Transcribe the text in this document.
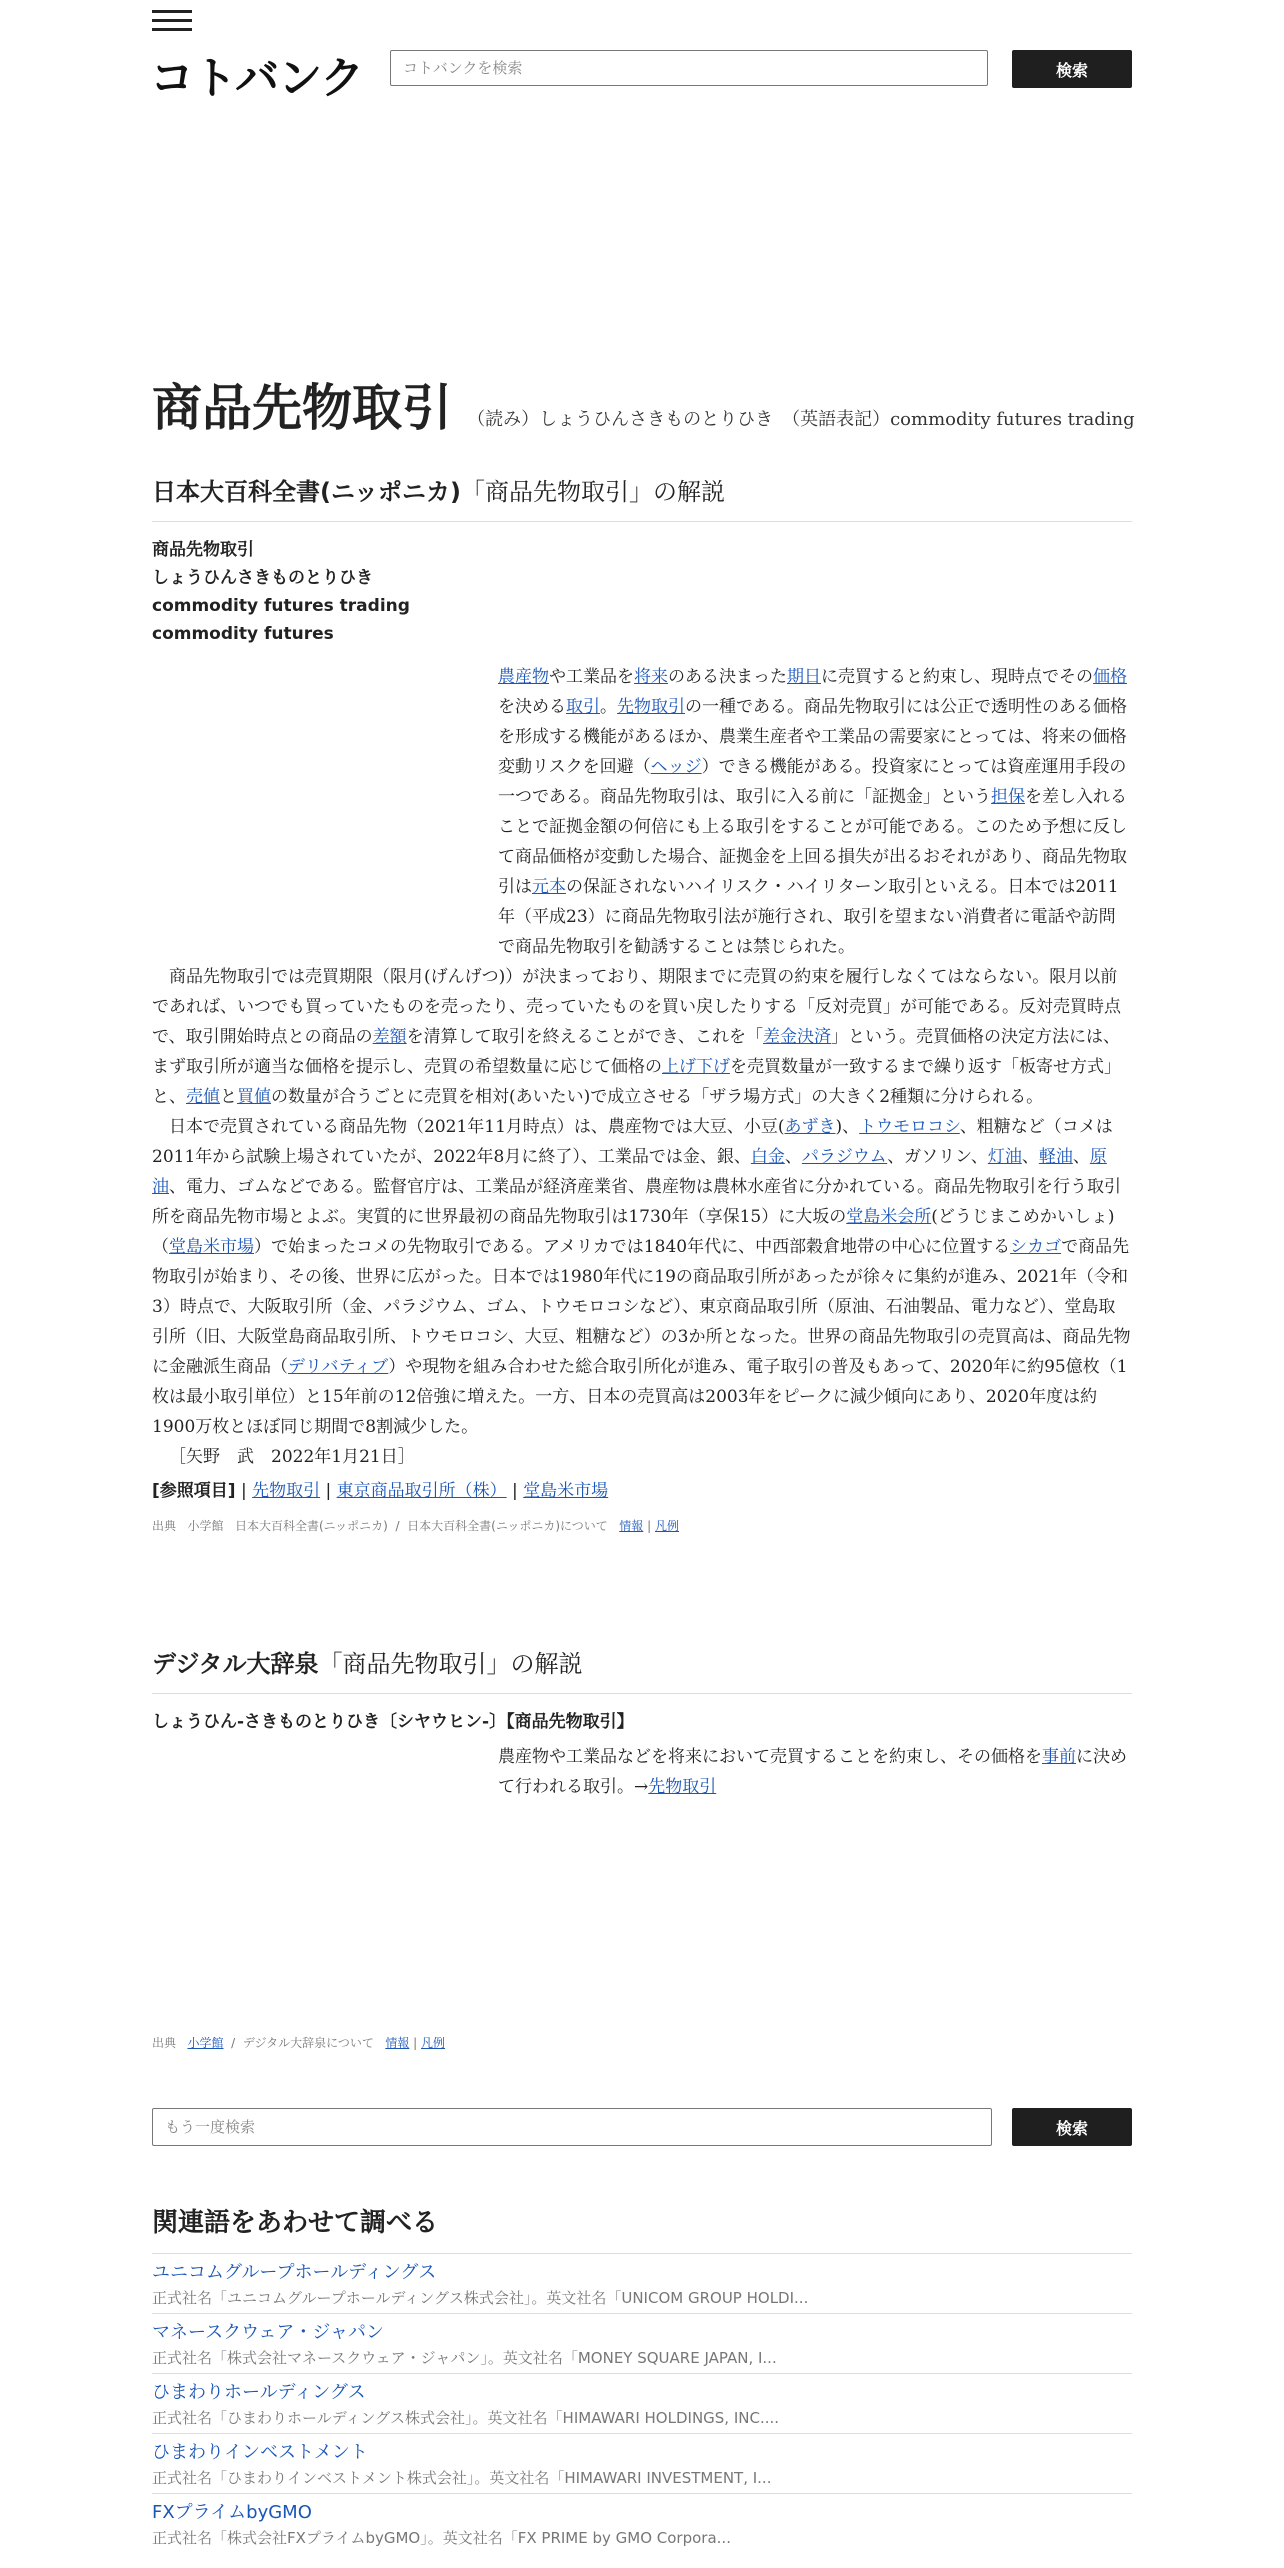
コトバンク
コトバンクを検索	検索
商品先物取引 （読み）しょうひんさきものとりひき　（英語表記）commodity futures trading
日本大百科全書(ニッポニカ)「商品先物取引」の解説
商品先物取引
しょうひんさきものとりひき
commodity futures trading
commodity futures

農産物や工業品を将来のある決まった期日に売買すると約束し、現時点でその価格を決める取引。先物取引の一種である。商品先物取引には公正で透明性のある価格を形成する機能があるほか、農業生産者や工業品の需要家にとっては、将来の価格変動リスクを回避（ヘッジ）できる機能がある。投資家にとっては資産運用手段の一つである。商品先物取引は、取引に入る前に「証拠金」という担保を差し入れることで証拠金額の何倍にも上る取引をすることが可能である。このため予想に反して商品価格が変動した場合、証拠金を上回る損失が出るおそれがあり、商品先物取引は元本の保証されないハイリスク・ハイリターン取引といえる。日本では2011年（平成23）に商品先物取引法が施行され、取引を望まない消費者に電話や訪問で商品先物取引を勧誘することは禁じられた。

商品先物取引では売買期限（限月(げんげつ)）が決まっており、期限までに売買の約束を履行しなくてはならない。限月以前であれば、いつでも買っていたものを売ったり、売っていたものを買い戻したりする「反対売買」が可能である。反対売買時点で、取引開始時点との商品の差額を清算して取引を終えることができ、これを「差金決済」という。売買価格の決定方法には、まず取引所が適当な価格を提示し、売買の希望数量に応じて価格の上げ下げを売買数量が一致するまで繰り返す「板寄せ方式」と、売値と買値の数量が合うごとに売買を相対(あいたい)で成立させる「ザラ場方式」の大きく2種類に分けられる。

日本で売買されている商品先物（2021年11月時点）は、農産物では大豆、小豆(あずき)、トウモロコシ、粗糖など（コメは2011年から試験上場されていたが、2022年8月に終了）、工業品では金、銀、白金、パラジウム、ガソリン、灯油、軽油、原油、電力、ゴムなどである。監督官庁は、工業品が経済産業省、農産物は農林水産省に分かれている。商品先物取引を行う取引所を商品先物市場とよぶ。実質的に世界最初の商品先物取引は1730年（享保15）に大坂の堂島米会所(どうじまこめかいしょ)（堂島米市場）で始まったコメの先物取引である。アメリカでは1840年代に、中西部穀倉地帯の中心に位置するシカゴで商品先物取引が始まり、その後、世界に広がった。日本では1980年代に19の商品取引所があったが徐々に集約が進み、2021年（令和3）時点で、大阪取引所（金、パラジウム、ゴム、トウモロコシなど）、東京商品取引所（原油、石油製品、電力など）、堂島取引所（旧、大阪堂島商品取引所、トウモロコシ、大豆、粗糖など）の3か所となった。世界の商品先物取引の売買高は、商品先物に金融派生商品（デリバティブ）や現物を組み合わせた総合取引所化が進み、電子取引の普及もあって、2020年に約95億枚（1枚は最小取引単位）と15年前の12倍強に増えた。一方、日本の売買高は2003年をピークに減少傾向にあり、2020年度は約1900万枚とほぼ同じ期間で8割減少した。

［矢野　武　2022年1月21日］

[参照項目] | 先物取引 | 東京商品取引所（株） | 堂島米市場
出典 小学館 日本大百科全書(ニッポニカ) / 日本大百科全書(ニッポニカ)について 情報 | 凡例
デジタル大辞泉「商品先物取引」の解説
しょうひん‐さきものとりひき〔シヤウヒン‐〕【商品先物取引】
農産物や工業品などを将来において売買することを約束し、その価格を事前に決めて行われる取引。→先物取引
出典 小学館 / デジタル大辞泉について 情報 | 凡例
もう一度検索
検索
関連語をあわせて調べる
ユニコムグループホールディングス
正式社名「ユニコムグループホールディングス株式会社」。英文社名「UNICOM GROUP HOLDI...
マネースクウェア・ジャパン
正式社名「株式会社マネースクウェア・ジャパン」。英文社名「MONEY SQUARE JAPAN, I...
ひまわりホールディングス
正式社名「ひまわりホールディングス株式会社」。英文社名「HIMAWARI HOLDINGS, INC....
ひまわりインベストメント
正式社名「ひまわりインベストメント株式会社」。英文社名「HIMAWARI INVESTMENT, I...
FXプライムbyGMO
正式社名「株式会社FXプライムbyGMO」。英文社名「FX PRIME by GMO Corpora...
